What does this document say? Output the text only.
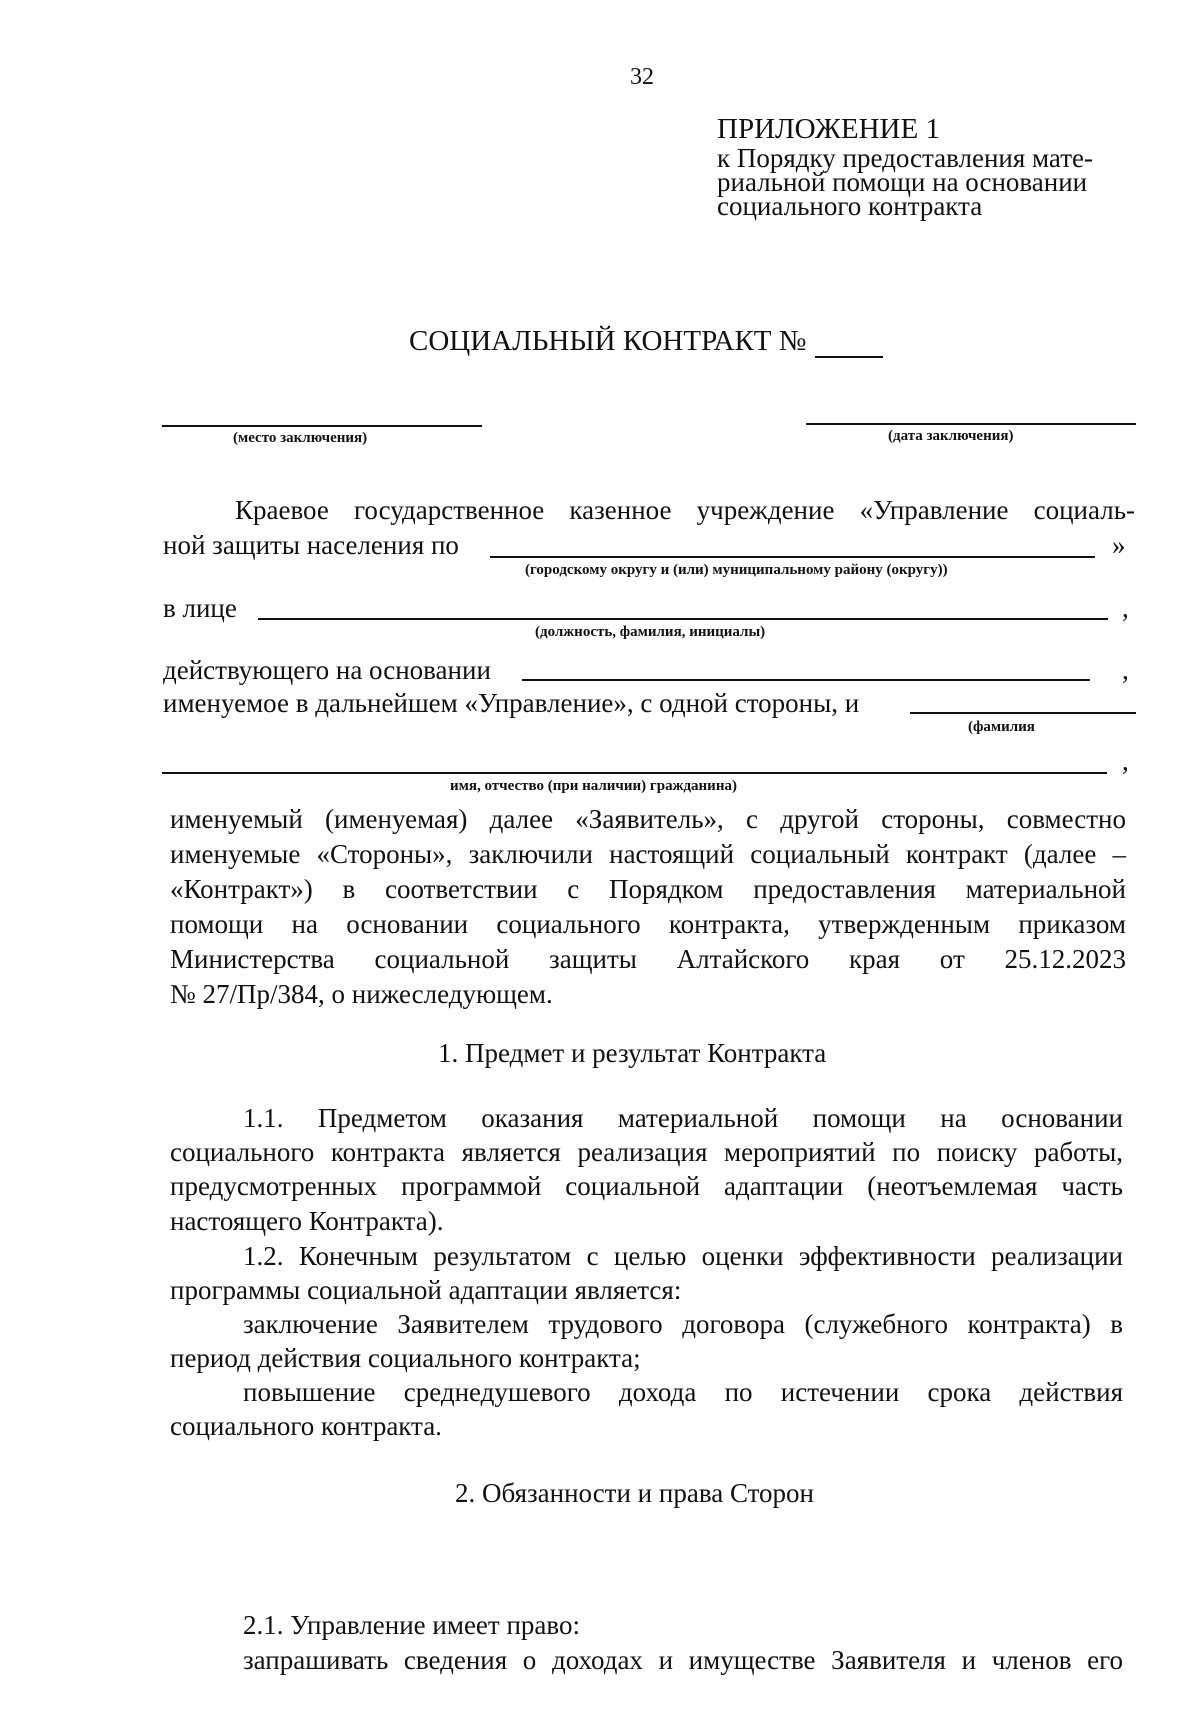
32
ПРИЛОЖЕНИЕ 1
к Порядку предоставления мате-
риальной помощи на основании
социального контракта
СОЦИАЛЬНЫЙ КОНТРАКТ №
(место заключения)	(дата заключения)
Краевое государственное казенное учреждение «Управление социаль-
ной защиты населения по	»
(городскому округу и (или) муниципальному району (округу))
в лице	,
(должность, фамилия, инициалы)
действующего на основании	,
именуемое в дальнейшем «Управление», с одной стороны, и
(фамилия
,
имя, отчество (при наличии) гражданина)
именуемый (именуемая) далее «Заявитель», с другой стороны, совместно
именуемые «Стороны», заключили настоящий социальный контракт (далее –
«Контракт») в соответствии с Порядком предоставления материальной
помощи на основании социального контракта, утвержденным приказом
Министерства социальной защиты Алтайского края от 25.12.2023
№ 27/Пр/384, о нижеследующем.
1. Предмет и результат Контракта
1.1. Предметом оказания материальной помощи на основании
социального контракта является реализация мероприятий по поиску работы,
предусмотренных программой социальной адаптации (неотъемлемая часть
настоящего Контракта).
1.2. Конечным результатом с целью оценки эффективности реализации
программы социальной адаптации является:
заключение Заявителем трудового договора (служебного контракта) в
период действия социального контракта;
повышение среднедушевого дохода по истечении срока действия
социального контракта.
2. Обязанности и права Сторон
2.1. Управление имеет право:
запрашивать сведения о доходах и имуществе Заявителя и членов его
